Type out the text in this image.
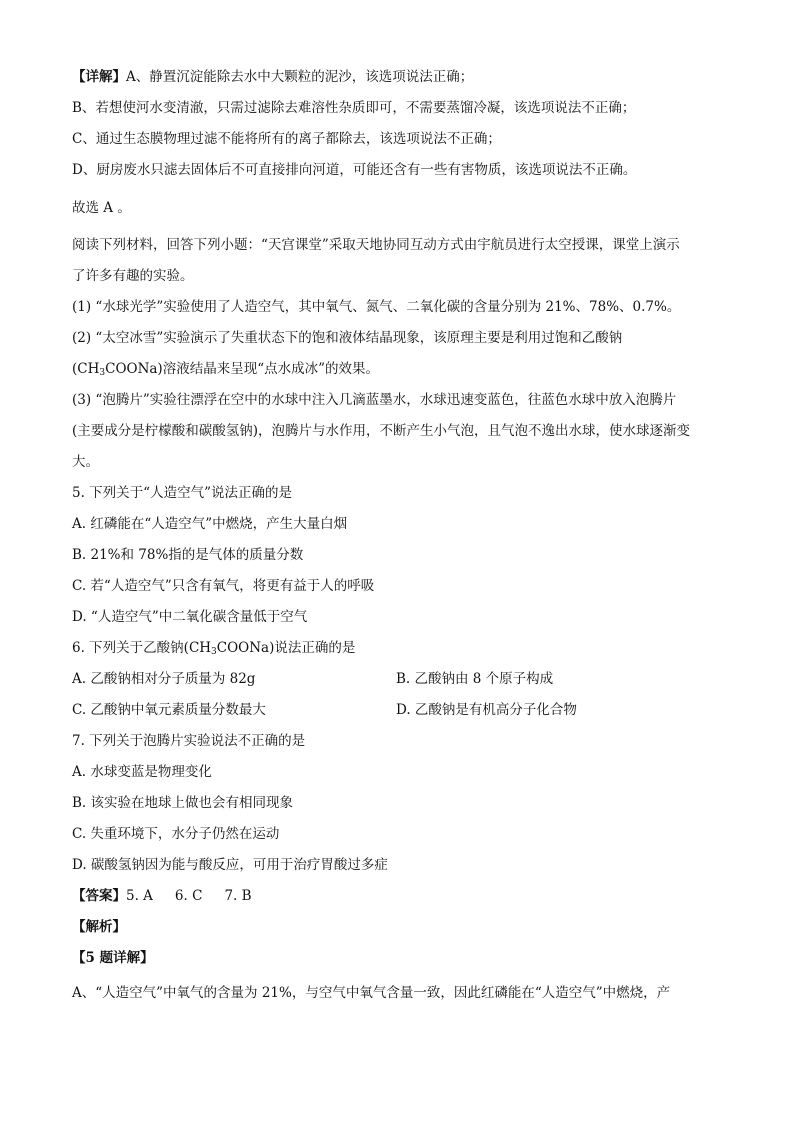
【详解】A、静置沉淀能除去水中大颗粒的泥沙，该选项说法正确；
B、若想使河水变清澈，只需过滤除去难溶性杂质即可，不需要蒸馏冷凝，该选项说法不正确；
C、通过生态膜物理过滤不能将所有的离子都除去，该选项说法不正确；
D、厨房废水只滤去固体后不可直接排向河道，可能还含有一些有害物质，该选项说法不正确。
故选 A 。
阅读下列材料，回答下列小题：“天宫课堂”采取天地协同互动方式由宇航员进行太空授课，课堂上演示
了许多有趣的实验。
(1) “水球光学”实验使用了人造空气，其中氧气、氮气、二氧化碳的含量分别为 21%、78%、0.7%。
(2) “太空冰雪”实验演示了失重状态下的饱和液体结晶现象，该原理主要是利用过饱和乙酸钠
$(CH_3COONa)$溶液结晶来呈现“点水成冰”的效果。
(3) “泡腾片”实验往漂浮在空中的水球中注入几滴蓝墨水，水球迅速变蓝色，往蓝色水球中放入泡腾片
(主要成分是柠檬酸和碳酸氢钠)，泡腾片与水作用，不断产生小气泡，且气泡不逸出水球，使水球逐渐变
大。
5. 下列关于“人造空气”说法正确的是
A. 红磷能在“人造空气”中燃烧，产生大量白烟
B. 21%和 78%指的是气体的质量分数
C. 若“人造空气”只含有氧气，将更有益于人的呼吸
D. “人造空气”中二氧化碳含量低于空气
6. 下列关于乙酸钠$(CH_3COONa)$说法正确的是
A. 乙酸钠相对分子质量为 82g	B. 乙酸钠由 8 个原子构成
C. 乙酸钠中氧元素质量分数最大	D. 乙酸钠是有机高分子化合物
7. 下列关于泡腾片实验说法不正确的是
A. 水球变蓝是物理变化
B. 该实验在地球上做也会有相同现象
C. 失重环境下，水分子仍然在运动
D. 碳酸氢钠因为能与酸反应，可用于治疗胃酸过多症
【答案】5. A 6. C 7. B
【解析】
【5 题详解】
A、“人造空气”中氧气的含量为 21%，与空气中氧气含量一致，因此红磷能在“人造空气”中燃烧，产
